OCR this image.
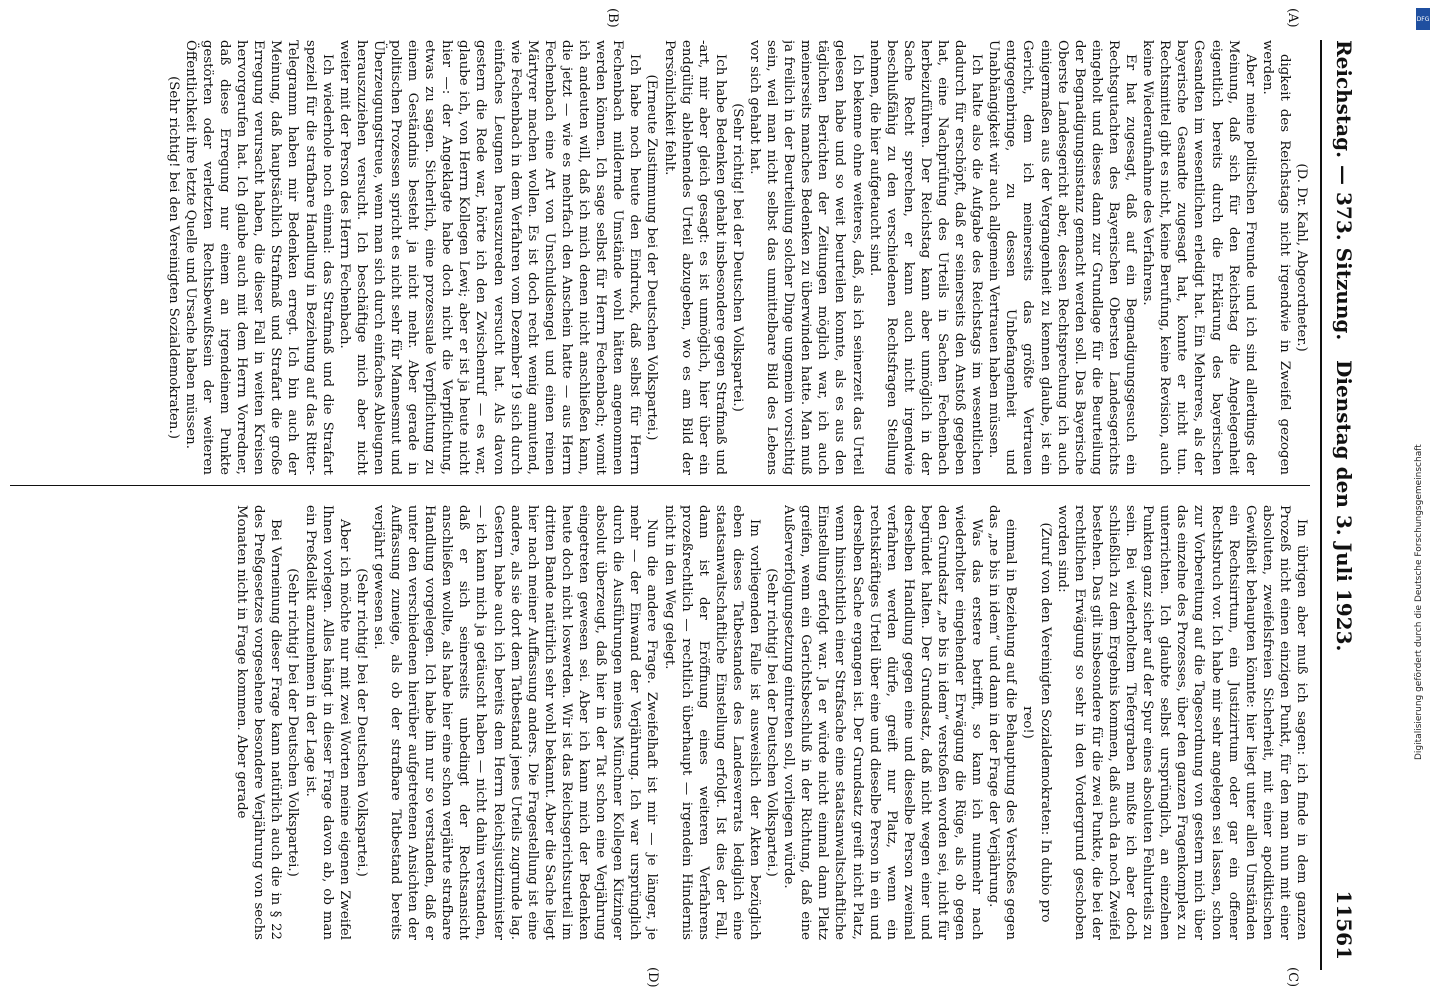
Reichstag. — 373. Sitzung.
Dienstag den 3. Juli 1923.
11561
(A)
(B)
(C)
(D)

(D. Dr. Kahl, Abgeordneter.)

digkeit des Reichstags nicht irgendwie in Zweifel gezogen werden.

Aber meine politischen Freunde und ich sind allerdings der Meinung, daß sich für den Reichstag die Angelegenheit eigentlich bereits durch die Erklärung des bayerischen Gesandten im wesentlichen erledigt hat. Ein Mehreres, als der bayerische Gesandte zugesagt hat, konnte er nicht tun. Rechtsmittel gibt es nicht, keine Berufung, keine Revision, auch keine Wiederaufnahme des Verfahrens.

Er hat zugesagt, daß auf ein Begnadigungsgesuch ein Rechtsgutachten des Bayerischen Obersten Landesgerichts eingeholt und dieses dann zur Grundlage für die Beurteilung der Begnadigungsinstanz gemacht werden soll. Das Bayerische Oberste Landesgericht aber, dessen Rechtsprechung ich auch einigermaßen aus der Vergangenheit zu kennen glaube, ist ein Gericht, dem ich meinerseits das größte Vertrauen entgegenbringe, zu dessen Unbefangenheit und Unabhängigkeit wir auch allgemein Vertrauen haben müssen.

Ich halte also die Aufgabe des Reichstags im wesentlichen dadurch für erschöpft, daß er seinerseits den Anstoß gegeben hat, eine Nachprüfung des Urteils in Sachen Fechenbach herbeizuführen. Der Reichstag kann aber unmöglich in der Sache Recht sprechen, er kann auch nicht irgendwie beschlußfähig zu den verschiedenen Rechtsfragen Stellung nehmen, die hier aufgetaucht sind.

Ich bekenne ohne weiteres, daß, als ich seinerzeit das Urteil gelesen habe und so weit beurteilen konnte, als es aus den täglichen Berichten der Zeitungen möglich war, ich auch meinerseits manches Bedenken zu überwinden hatte. Man muß ja freilich in der Beurteilung solcher Dinge ungemein vorsichtig sein, weil man nicht selbst das unmittelbare Bild des Lebens vor sich gehabt hat.

(Sehr richtig! bei der Deutschen Volkspartei.)

Ich habe Bedenken gehabt insbesondere gegen Strafmaß und -art, mir aber gleich gesagt: es ist unmöglich, hier über ein endgültig ablehnendes Urteil abzugeben, wo es am Bild der Persönlichkeit fehlt.

(Erneute Zustimmung bei der Deutschen Volkspartei.)

Ich habe noch heute den Eindruck, daß selbst für Herrn Fechenbach mildernde Umstände wohl hätten angenommen werden können. Ich sage selbst für Herrn Fechenbach; womit ich andeuten will, daß ich mich denen nicht anschließen kann, die jetzt — wie es mehrfach den Anschein hatte — aus Herrn Fechenbach eine Art von Unschuldsengel und einen reinen Märtyrer machen wollen. Es ist doch recht wenig anmutend, wie Fechenbach in dem Verfahren vom Dezember 19 sich durch einfaches Leugnen herauszureden versucht hat. Als davon gestern die Rede war, hörte ich den Zwischenruf — es war, glaube ich, von Herrn Kollegen Lewi; aber er ist ja heute nicht hier —: der Angeklagte habe doch nicht die Verpflichtung, etwas zu sagen. Sicherlich, eine prozessuale Verpflichtung zu einem Geständnis besteht ja nicht mehr. Aber gerade in politischen Prozessen spricht es nicht sehr für Mannesmut und Überzeugungstreue, wenn man sich durch einfaches Ableugnen herauszuziehen versucht. Ich beschäftige mich aber nicht weiter mit der Person des Herrn Fechenbach.

Ich wiederhole noch einmal: das Strafmaß und die Strafart speziell für die strafbare Handlung in Beziehung auf das Ritter-Telegramm haben mir Bedenken erregt. Ich bin auch der Meinung, daß hauptsächlich Strafmaß und Strafart die große Erregung verursacht haben, die dieser Fall in weiten Kreisen hervorgerufen hat. Ich glaube auch mit dem Herrn Vorredner, daß diese Erregung nur einem an irgendeinem Punkte gestörten oder verletzten Rechtsbewußtsein der weiteren Öffentlichkeit ihre letzte Quelle und Ursache haben müssen.

(Sehr richtig! bei den Vereinigten Sozialdemokraten.)

Im übrigen aber muß ich sagen: ich finde in dem ganzen Prozeß nicht einen einzigen Punkt, für den man nun mit einer absoluten, zweifelsfreien Sicherheit, mit einer apodiktischen Gewißheit behaupten könnte: hier liegt unter allen Umständen ein Rechtsirrtum, ein Justizirrtum oder gar ein offener Rechtsbruch vor. Ich habe mir sehr angelegen sei lassen, schon zur Vorbereitung auf die Tagesordnung von gestern mich über das einzelne des Prozesses, über den ganzen Fragenkomplex zu unterrichten. Ich glaubte selbst ursprünglich, an einzelnen Punkten ganz sicher auf der Spur eines absoluten Fehlurteils zu sein. Bei wiederholtem Tiefergraben mußte ich aber doch schließlich zu dem Ergebnis kommen, daß auch da noch Zweifel bestehen. Das gilt insbesondere für die zwei Punkte, die bei der rechtlichen Erwägung so sehr in den Vordergrund geschoben worden sind:

(Zuruf von den Vereinigten Sozialdemokraten: In dubio pro reo!)

einmal in Beziehung auf die Behauptung des Verstoßes gegen das „ne bis in idem“ und dann in der Frage der Verjährung.

Was das erstere betrifft, so kann ich nunmehr nach wiederholter eingehender Erwägung die Rüge, als ob gegen den Grundsatz „ne bis in idem“ verstoßen worden sei, nicht für begründet halten. Der Grundsatz, daß nicht wegen einer und derselben Handlung gegen eine und dieselbe Person zweimal verfahren werden dürfe, greift nur Platz, wenn ein rechtskräftiges Urteil über eine und dieselbe Person in ein und derselben Sache ergangen ist. Der Grundsatz greift nicht Platz, wenn hinsichtlich einer Strafsache eine staatsanwaltschaftliche Einstellung erfolgt war. Ja er würde nicht einmal dann Platz greifen, wenn ein Gerichtsbeschluß in der Richtung, daß eine Außerverfolgungsetzung eintreten soll, vorliegen würde.

(Sehr richtig! bei der Deutschen Volkspartei.)

Im vorliegenden Falle ist ausweislich der Akten bezüglich eben dieses Tatbestandes des Landesverrats lediglich eine staatsanwaltschaftliche Einstellung erfolgt. Ist dies der Fall, dann ist der Eröffnung eines weiteren Verfahrens prozeßrechtlich — rechtlich überhaupt — irgendein Hindernis nicht in den Weg gelegt.

Nun die andere Frage. Zweifelhaft ist mir — je länger, je mehr — der Einwand der Verjährung. Ich war ursprünglich durch die Ausführungen meines Münchner Kollegen Kitzinger absolut überzeugt, daß hier in der Tat schon eine Verjährung eingetreten gewesen sei. Aber ich kann mich der Bedenken heute doch nicht loswerden. Wir ist das Reichsgerichtsurteil im dritten Bande natürlich sehr wohl bekannt. Aber die Sache liegt hier nach meiner Auffassung anders. Die Fragestellung ist eine andere, als sie dort dem Tatbestand jenes Urteils zugrunde lag. Gestern habe auch ich bereits dem Herrn Reichsjustizminister — ich kann mich ja getäuscht haben — nicht dahin verstanden, daß er sich seinerseits unbedingt der Rechtsansicht anschließen wollte, als habe hier eine schon verjährte strafbare Handlung vorgelegen. Ich habe ihn nur so verstanden, daß er unter den verschiedenen hierüber aufgetretenen Ansichten der Auffassung zuneige, als ob der strafbare Tatbestand bereits verjährt gewesen sei.

(Sehr richtig! bei der Deutschen Volkspartei.)

Aber ich möchte nur mit zwei Worten meine eigenen Zweifel Ihnen vorlegen. Alles hängt in dieser Frage davon ab, ob man ein Preßdelikt anzunehmen in der Lage ist.

(Sehr richtig! bei der Deutschen Volkspartei.)

Bei Verneinung dieser Frage kann natürlich auch die in § 22 des Preßgesetzes vorgesehene besondere Verjährung von sechs Monaten nicht in Frage kommen. Aber gerade

DFG
Digitalisierung gefördert durch die Deutsche Forschungsgemeinschaft
